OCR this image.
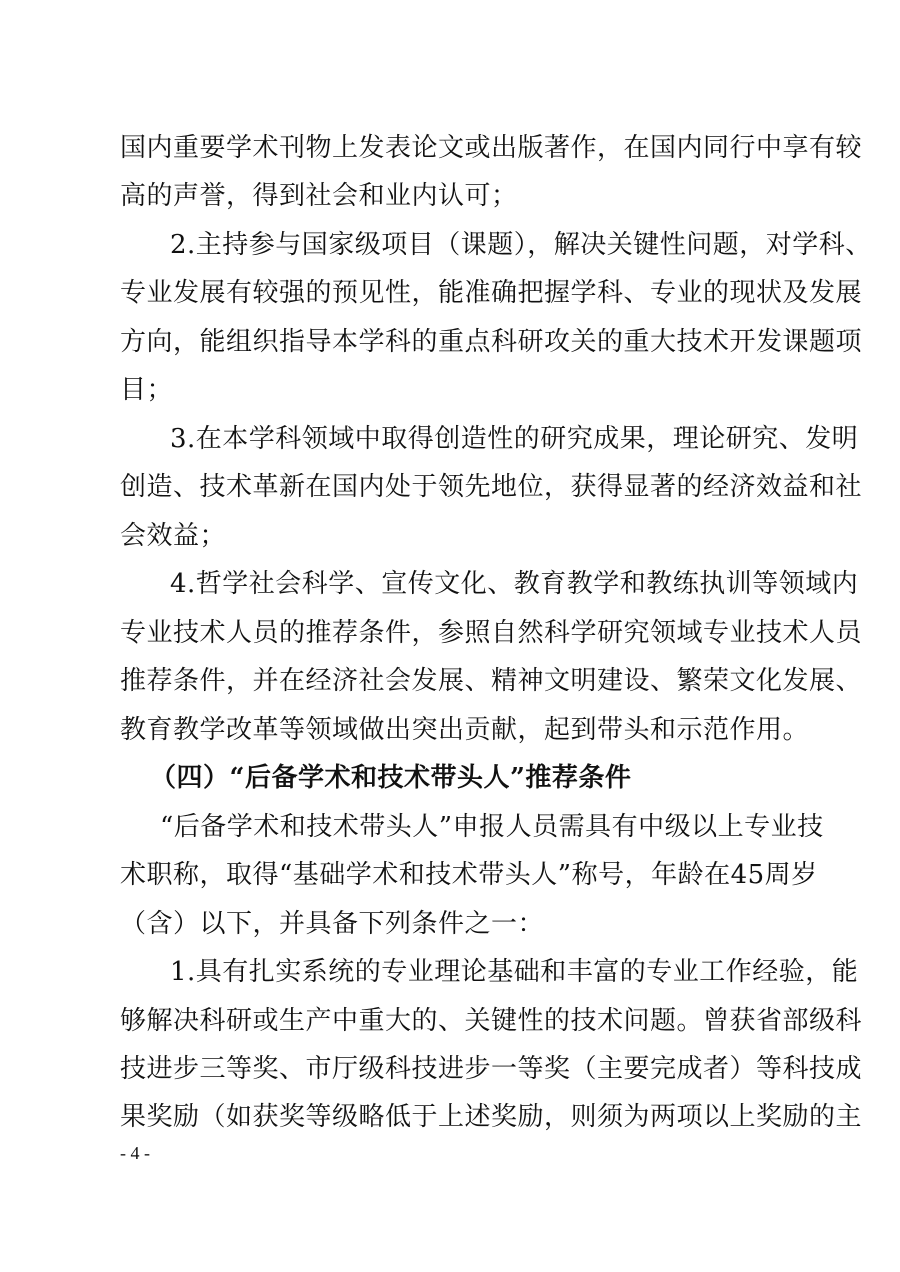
国内重要学术刊物上发表论文或出版著作，在国内同行中享有较
高的声誉，得到社会和业内认可；
2.主持参与国家级项目（课题），解决关键性问题，对学科、
专业发展有较强的预见性，能准确把握学科、专业的现状及发展
方向，能组织指导本学科的重点科研攻关的重大技术开发课题项
目；
3.在本学科领域中取得创造性的研究成果，理论研究、发明
创造、技术革新在国内处于领先地位，获得显著的经济效益和社
会效益；
4.哲学社会科学、宣传文化、教育教学和教练执训等领域内
专业技术人员的推荐条件，参照自然科学研究领域专业技术人员
推荐条件，并在经济社会发展、精神文明建设、繁荣文化发展、
教育教学改革等领域做出突出贡献，起到带头和示范作用。
（四）“后备学术和技术带头人”推荐条件
“后备学术和技术带头人”申报人员需具有中级以上专业技
术职称，取得“基础学术和技术带头人”称号，年龄在45周岁
（含）以下，并具备下列条件之一：
1.具有扎实系统的专业理论基础和丰富的专业工作经验，能
够解决科研或生产中重大的、关键性的技术问题。曾获省部级科
技进步三等奖、市厅级科技进步一等奖（主要完成者）等科技成
果奖励（如获奖等级略低于上述奖励，则须为两项以上奖励的主
- 4 -
